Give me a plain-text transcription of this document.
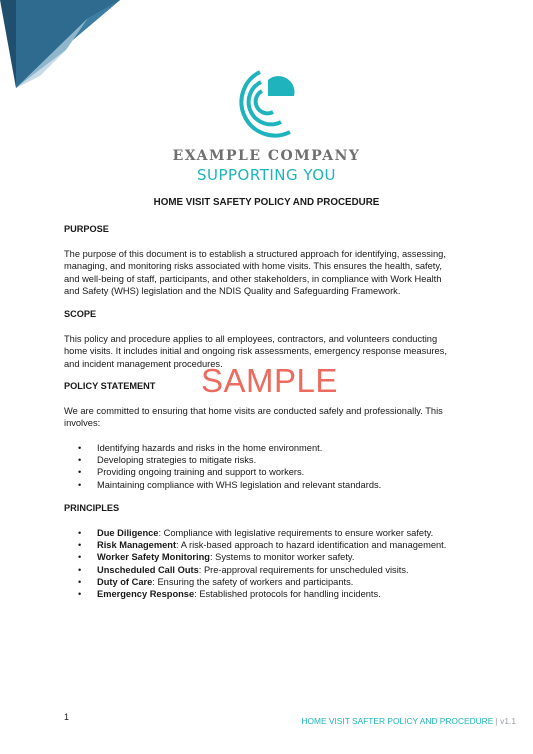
EXAMPLE COMPANY
SUPPORTING YOU
HOME VISIT SAFETY POLICY AND PROCEDURE
PURPOSE

The purpose of this document is to establish a structured approach for identifying, assessing,
managing, and monitoring risks associated with home visits. This ensures the health, safety,
and well-being of staff, participants, and other stakeholders, in compliance with Work Health
and Safety (WHS) legislation and the NDIS Quality and Safeguarding Framework.

SCOPE

This policy and procedure applies to all employees, contractors, and volunteers conducting
home visits. It includes initial and ongoing risk assessments, emergency response measures,
and incident management procedures.

POLICY STATEMENT SAMPLE

We are committed to ensuring that home visits are conducted safely and professionally. This
involves:

• Identifying hazards and risks in the home environment.
• Developing strategies to mitigate risks.
• Providing ongoing training and support to workers.
• Maintaining compliance with WHS legislation and relevant standards.
PRINCIPLES
• Due Diligence: Compliance with legislative requirements to ensure worker safety.
• Risk Management: A risk-based approach to hazard identification and management.
• Worker Safety Monitoring: Systems to monitor worker safety.
• Unscheduled Call Outs: Pre-approval requirements for unscheduled visits.
• Duty of Care: Ensuring the safety of workers and participants.
• Emergency Response: Established protocols for handling incidents.
1	HOME VISIT SAFTER POLICY AND PROCEDURE | v1.1
